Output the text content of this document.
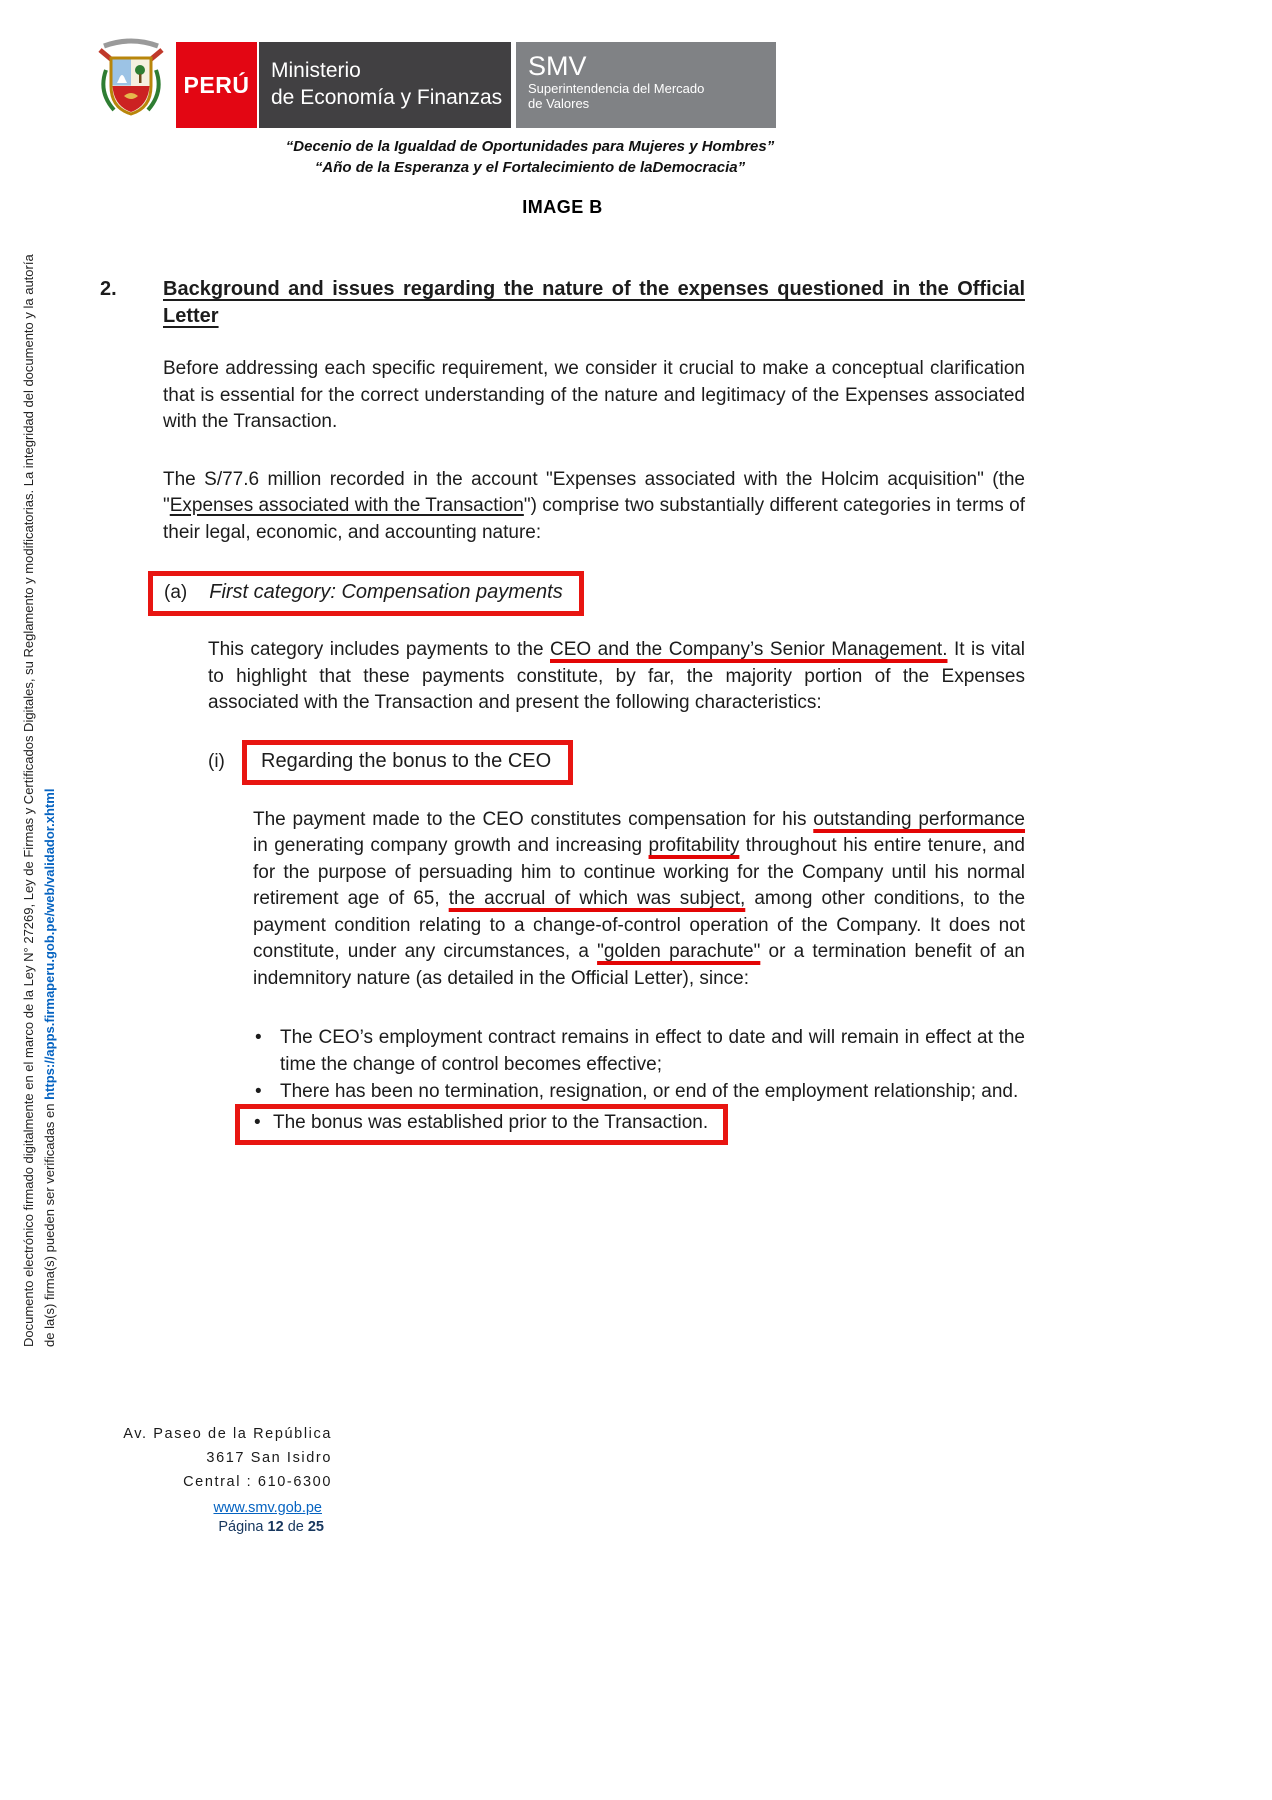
Documento electrónico firmado digitalmente en el marco de la Ley N° 27269, Ley de Firmas y Certificados Digitales, su Reglamento y modificatorias. La integridad del documento y la autoría de la(s) firma(s) pueden ser verificadas en https://apps.firmaperu.gob.pe/web/validador.xhtml
PERÚ
Ministerio
de Economía y Finanzas
SMV
Superintendencia del Mercado
de Valores
“Decenio de la Igualdad de Oportunidades para Mujeres y Hombres”
“Año de la Esperanza y el Fortalecimiento de laDemocracia”
IMAGE B
2.	Background and issues regarding the nature of the expenses questioned in the Official Letter

Before addressing each specific requirement, we consider it crucial to make a conceptual clarification that is essential for the correct understanding of the nature and legitimacy of the Expenses associated with the Transaction.

The S/77.6 million recorded in the account "Expenses associated with the Holcim acquisition" (the "Expenses associated with the Transaction") comprise two substantially different categories in terms of their legal, economic, and accounting nature:

(a) First category: Compensation payments

This category includes payments to the CEO and the Company’s Senior Management. It is vital to highlight that these payments constitute, by far, the majority portion of the Expenses associated with the Transaction and present the following characteristics:

(i)	Regarding the bonus to the CEO

The payment made to the CEO constitutes compensation for his outstanding performance in generating company growth and increasing profitability throughout his entire tenure, and for the purpose of persuading him to continue working for the Company until his normal retirement age of 65, the accrual of which was subject, among other conditions, to the payment condition relating to a change-of-control operation of the Company. It does not constitute, under any circumstances, a "golden parachute" or a termination benefit of an indemnitory nature (as detailed in the Official Letter), since:

• The CEO’s employment contract remains in effect to date and will remain in effect at the time the change of control becomes effective;
• There has been no termination, resignation, or end of the employment relationship; and.
• The bonus was established prior to the Transaction.
Av. Paseo de la República
3617 San Isidro
Central : 610-6300
www.smv.gob.pe
Página 12 de 25
